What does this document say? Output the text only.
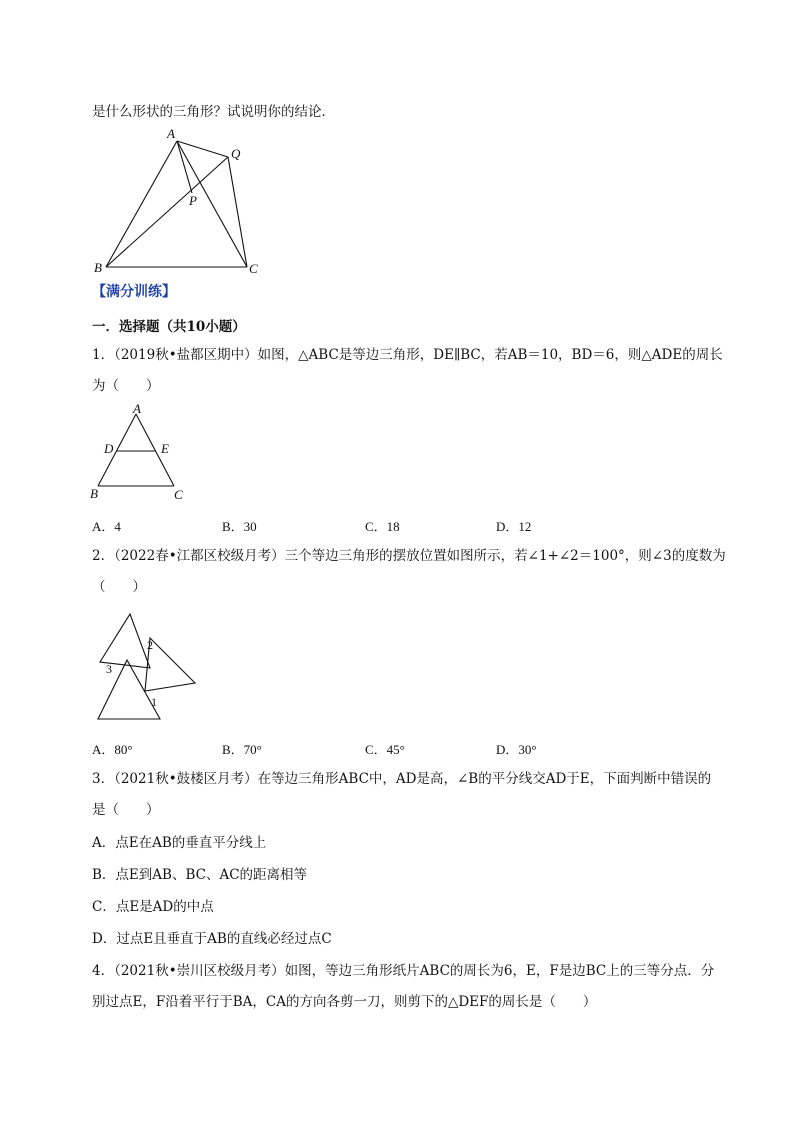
是什么形状的三角形？试说明你的结论．
A
Q
P
B	C
【满分训练】
一．选择题（共10小题）
1．（2019秋•盐都区期中）如图，△ABC是等边三角形，DE∥BC，若AB＝10，BD＝6，则△ADE的周长
为（　　）
A
D	E
B	C
A．4	B．30	C．18	D．12
2．（2022春•江都区校级月考）三个等边三角形的摆放位置如图所示，若∠1+∠2＝100°，则∠3的度数为
（　　）
2
3
1
A．80°	B．70°	C．45°	D．30°
3．（2021秋•鼓楼区月考）在等边三角形ABC中，AD是高，∠B的平分线交AD于E，下面判断中错误的
是（　　）
A．点E在AB的垂直平分线上
B．点E到AB、BC、AC的距离相等
C．点E是AD的中点
D．过点E且垂直于AB的直线必经过点C
4．（2021秋•崇川区校级月考）如图，等边三角形纸片ABC的周长为6，E，F是边BC上的三等分点．分
别过点E，F沿着平行于BA，CA的方向各剪一刀，则剪下的△DEF的周长是（　　）
